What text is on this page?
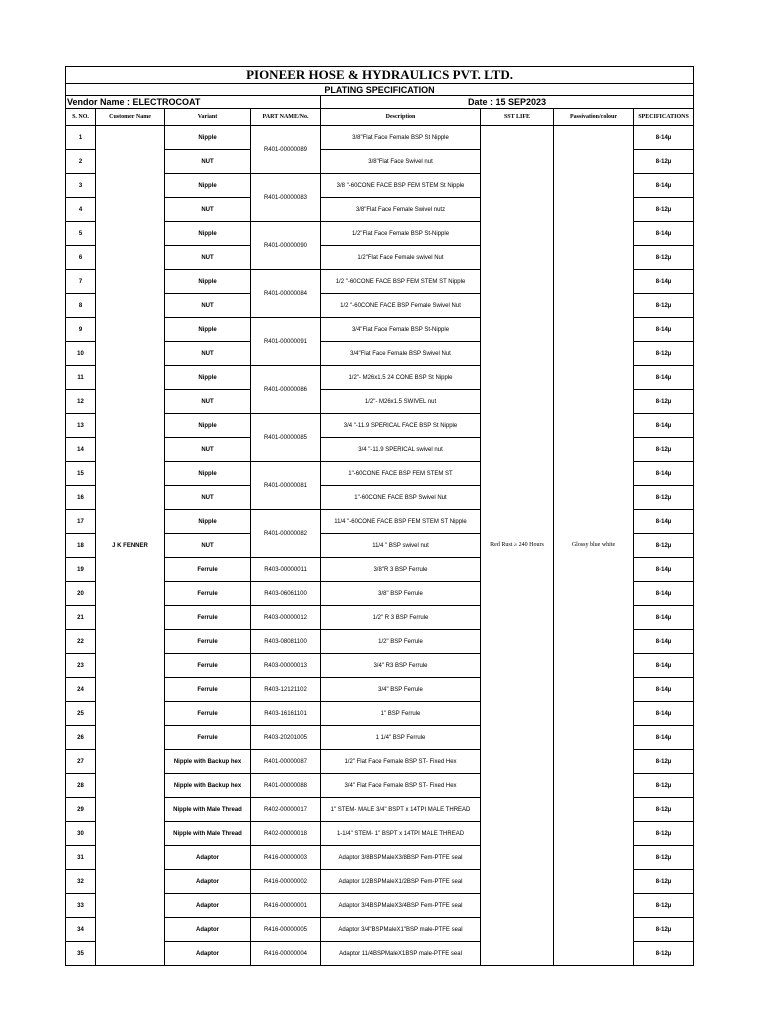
PIONEER HOSE & HYDRAULICS PVT. LTD.							
PLATING SPECIFICATION							
Vendor Name : ELECTROCOAT				Date : 15 SEP2023			
S. NO.	Customer Name	Variant	PART NAME/No.	Description	SST LIFE	Passivation/colour	SPECIFICATIONS
1	J K FENNER	Nipple	R401-00000089	3/8"Flat Face Female BSP St Nipple	Red Rust ≥ 240 Hours	Glossy blue white	8-14µ
2		NUT		3/8"Flat Face Swivel nut			8-12µ
3		Nipple	R401-00000083	3/8 "-60CONE FACE BSP FEM STEM St Nipple			8-14µ
4		NUT		3/8"Flat Face Female Swivel nutz			8-12µ
5		Nipple	R401-00000090	1/2"Flat Face Female BSP St-Nipple			8-14µ
6		NUT		1/2"Flat Face Female swivel Nut			8-12µ
7		Nipple	R401-00000084	1/2 "-60CONE FACE BSP FEM STEM ST Nipple			8-14µ
8		NUT		1/2 "-60CONE FACE BSP Female Swivel Nut			8-12µ
9		Nipple	R401-00000091	3/4"Flat Face Female BSP St-Nipple			8-14µ
10		NUT		3/4"Flat Face Female BSP Swivel Nut			8-12µ
11		Nipple	R401-00000086	1/2"- M26x1.5 24 CONE BSP St Nipple			8-14µ
12		NUT		1/2"- M26x1.5 SWIVEL nut			8-12µ
13		Nipple	R401-00000085	3/4 "-11.9 SPERICAL FACE BSP St Nipple			8-14µ
14		NUT		3/4 "-11.9 SPERICAL swivel nut			8-12µ
15		Nipple	R401-00000081	1"-60CONE FACE BSP FEM STEM ST			8-14µ
16		NUT		1"-60CONE FACE BSP Swivel Nut			8-12µ
17		Nipple	R401-00000082	11/4 "-60CONE FACE BSP FEM STEM ST Nipple			8-14µ
18		NUT		11/4 " BSP swivel nut			8-12µ
19		Ferrule	R403-00000011	3/8"R 3 BSP Ferrule			8-14µ
20		Ferrule	R403-06061100	3/8" BSP Ferrule			8-14µ
21		Ferrule	R403-00000012	1/2" R 3 BSP Ferrule			8-14µ
22		Ferrule	R403-08081100	1/2" BSP Ferrule			8-14µ
23		Ferrule	R403-00000013	3/4" R3 BSP Ferrule			8-14µ
24		Ferrule	R403-12121102	3/4" BSP Ferrule			8-14µ
25		Ferrule	R403-16161101	1" BSP Ferrule			8-14µ
26		Ferrule	R403-20201005	1 1/4" BSP Ferrule			8-14µ
27		Nipple with Backup hex	R401-00000087	1/2" Flat Face Female BSP ST- Fixed Hex			8-12µ
28		Nipple with Backup hex	R401-00000088	3/4" Flat Face Female BSP ST- Fixed Hex			8-12µ
29		Nipple with Male Thread	R402-00000017	1" STEM- MALE 3/4" BSPT x 14TPI MALE THREAD			8-12µ
30		Nipple with Male Thread	R402-00000018	1-1/4" STEM- 1" BSPT x 14TPI MALE THREAD			8-12µ
31		Adaptor	R416-00000003	Adaptor 3/8BSPMaleX3/8BSP Fem-PTFE seal			8-12µ
32		Adaptor	R416-00000002	Adaptor 1/2BSPMaleX1/2BSP Fem-PTFE seal			8-12µ
33		Adaptor	R416-00000001	Adaptor 3/4BSPMaleX3/4BSP Fem-PTFE seal			8-12µ
34		Adaptor	R416-00000005	Adaptor 3/4"BSPMaleX1"BSP male-PTFE seal			8-12µ
35		Adaptor	R416-00000004	Adaptor 11/4BSPMaleX1BSP male-PTFE seal			8-12µ
